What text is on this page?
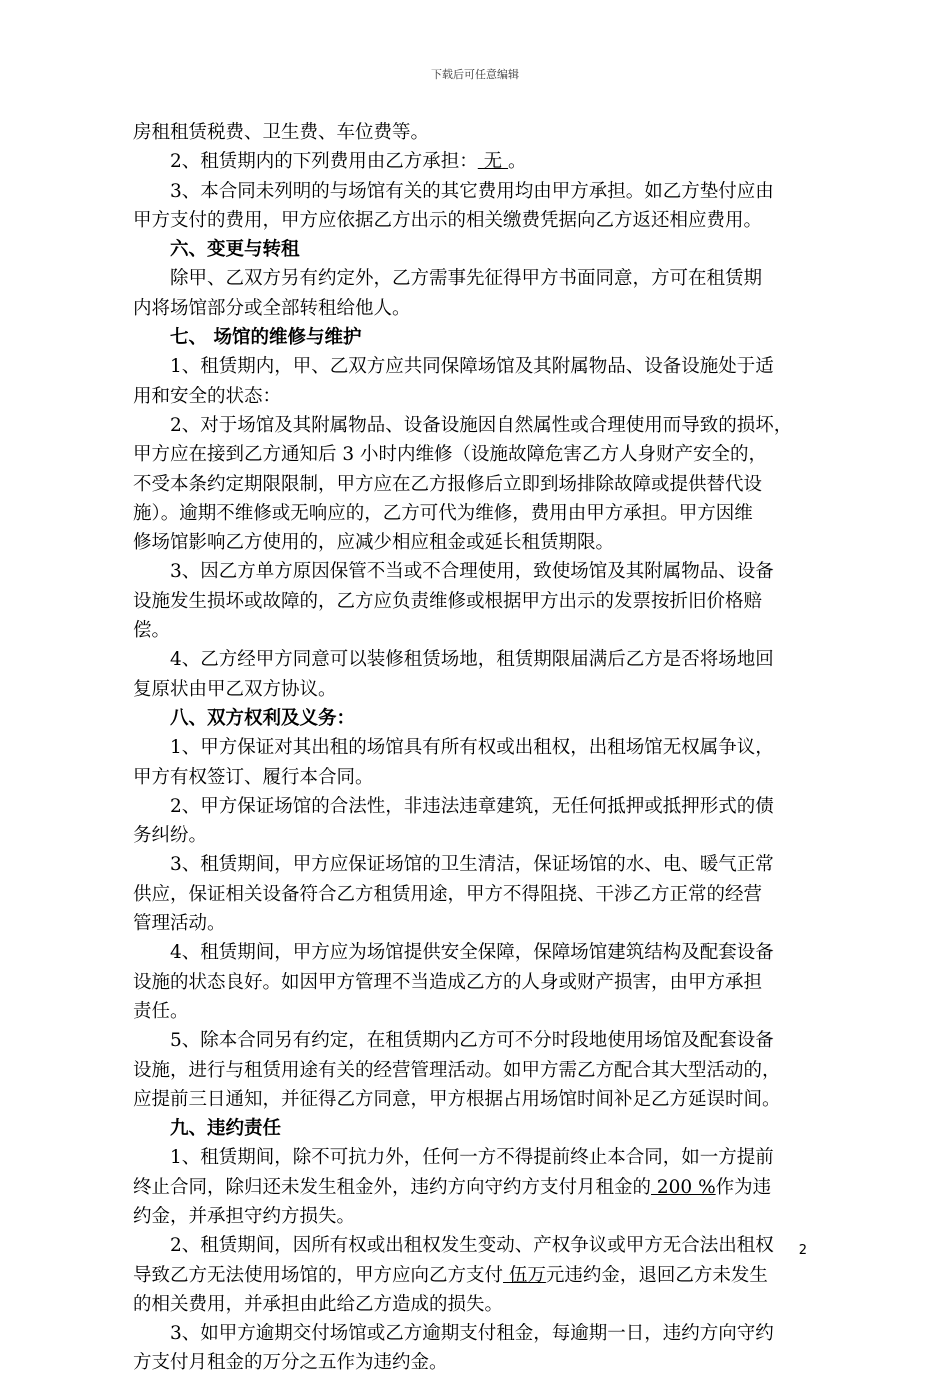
下载后可任意编辑
房租租赁税费、卫生费、车位费等。
2、租赁期内的下列费用由乙方承担： 无 。
3、本合同未列明的与场馆有关的其它费用均由甲方承担。如乙方垫付应由
甲方支付的费用，甲方应依据乙方出示的相关缴费凭据向乙方返还相应费用。
六、变更与转租
除甲、乙双方另有约定外，乙方需事先征得甲方书面同意，方可在租赁期
内将场馆部分或全部转租给他人。
七、 场馆的维修与维护
1、租赁期内，甲、乙双方应共同保障场馆及其附属物品、设备设施处于适
用和安全的状态：
2、对于场馆及其附属物品、设备设施因自然属性或合理使用而导致的损坏，
甲方应在接到乙方通知后 3 小时内维修（设施故障危害乙方人身财产安全的，
不受本条约定期限限制，甲方应在乙方报修后立即到场排除故障或提供替代设
施）。逾期不维修或无响应的，乙方可代为维修，费用由甲方承担。甲方因维
修场馆影响乙方使用的，应减少相应租金或延长租赁期限。
3、因乙方单方原因保管不当或不合理使用，致使场馆及其附属物品、设备
设施发生损坏或故障的，乙方应负责维修或根据甲方出示的发票按折旧价格赔
偿。
4、乙方经甲方同意可以装修租赁场地，租赁期限届满后乙方是否将场地回
复原状由甲乙双方协议。
八、双方权利及义务：
1、甲方保证对其出租的场馆具有所有权或出租权，出租场馆无权属争议，
甲方有权签订、履行本合同。
2、甲方保证场馆的合法性，非违法违章建筑，无任何抵押或抵押形式的债
务纠纷。
3、租赁期间，甲方应保证场馆的卫生清洁，保证场馆的水、电、暖气正常
供应，保证相关设备符合乙方租赁用途，甲方不得阻挠、干涉乙方正常的经营
管理活动。
4、租赁期间，甲方应为场馆提供安全保障，保障场馆建筑结构及配套设备
设施的状态良好。如因甲方管理不当造成乙方的人身或财产损害，由甲方承担
责任。
5、除本合同另有约定，在租赁期内乙方可不分时段地使用场馆及配套设备
设施，进行与租赁用途有关的经营管理活动。如甲方需乙方配合其大型活动的，
应提前三日通知，并征得乙方同意，甲方根据占用场馆时间补足乙方延误时间。
九、违约责任
1、租赁期间，除不可抗力外，任何一方不得提前终止本合同，如一方提前
终止合同，除归还未发生租金外，违约方向守约方支付月租金的 200 %作为违
约金，并承担守约方损失。
2、租赁期间，因所有权或出租权发生变动、产权争议或甲方无合法出租权
导致乙方无法使用场馆的，甲方应向乙方支付 伍万元违约金，退回乙方未发生
的相关费用，并承担由此给乙方造成的损失。
3、如甲方逾期交付场馆或乙方逾期支付租金，每逾期一日，违约方向守约
方支付月租金的万分之五作为违约金。
2
